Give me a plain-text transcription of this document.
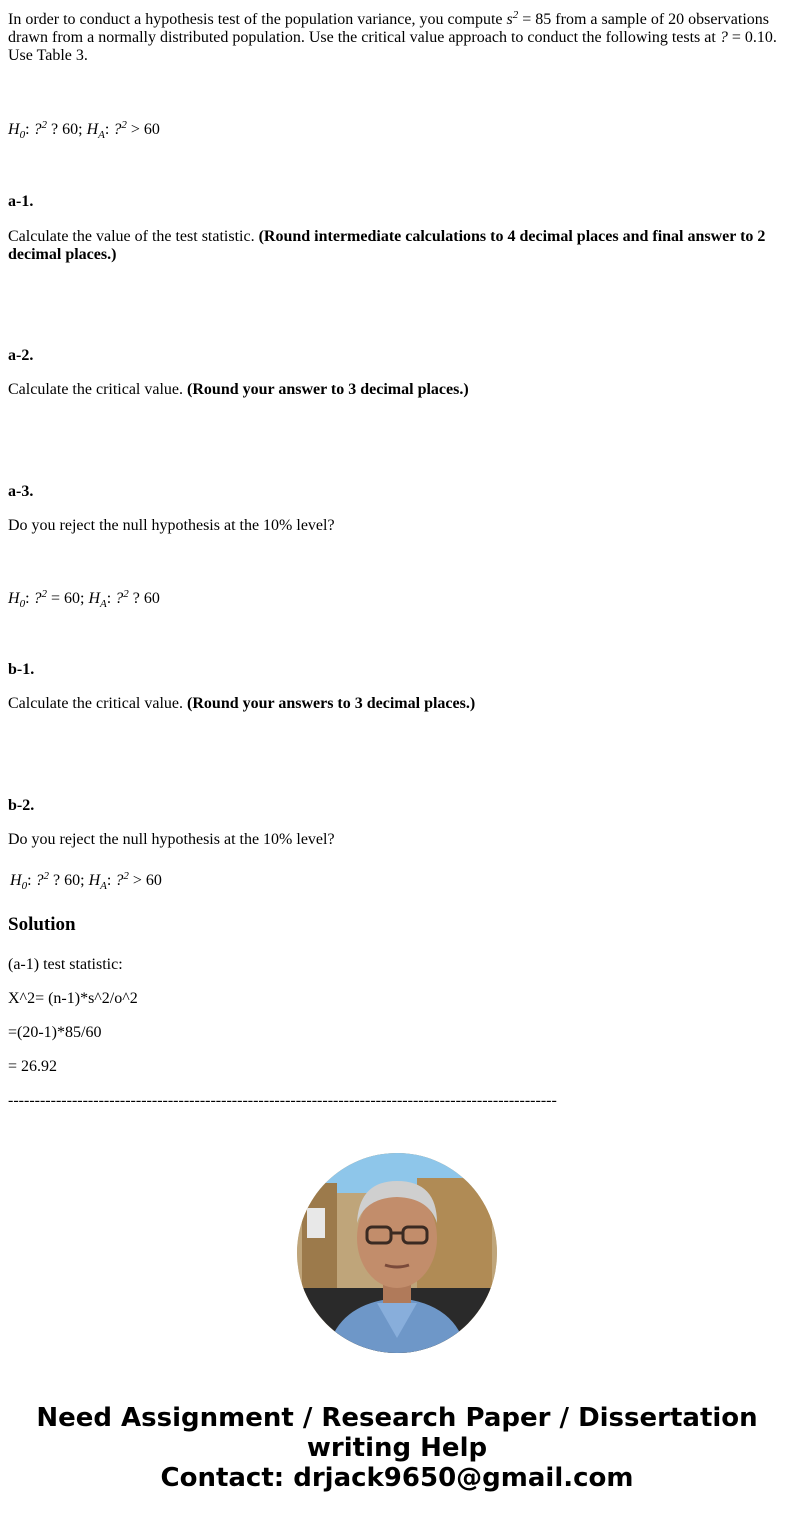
In order to conduct a hypothesis test of the population variance, you compute $s^2 = 85$ from a sample of 20 observations drawn from a normally distributed population. Use the critical value approach to conduct the following tests at ? = 0.10. Use Table 3.

$H_0$: ?$^2$ ? 60; $H_A$: ?$^2$ > 60

a-1.

Calculate the value of the test statistic. (Round intermediate calculations to 4 decimal places and final answer to 2 decimal places.)

a-2.

Calculate the critical value. (Round your answer to 3 decimal places.)

a-3.

Do you reject the null hypothesis at the 10% level?

$H_0$: ?$^2$ = 60; $H_A$: ?$^2$ ? 60

b-1.

Calculate the critical value. (Round your answers to 3 decimal places.)

b-2.

Do you reject the null hypothesis at the 10% level?

$H_0$: ?$^2$ ? 60; $H_A$: ?$^2$ > 60

Solution

(a-1) test statistic:

X^2= (n-1)*s^2/o^2

=(20-1)*85/60

= 26.92

-------------------------------------------------------------------------------------------------------

Need Assignment / Research Paper / Dissertation
writing Help
Contact: drjack9650@gmail.com
